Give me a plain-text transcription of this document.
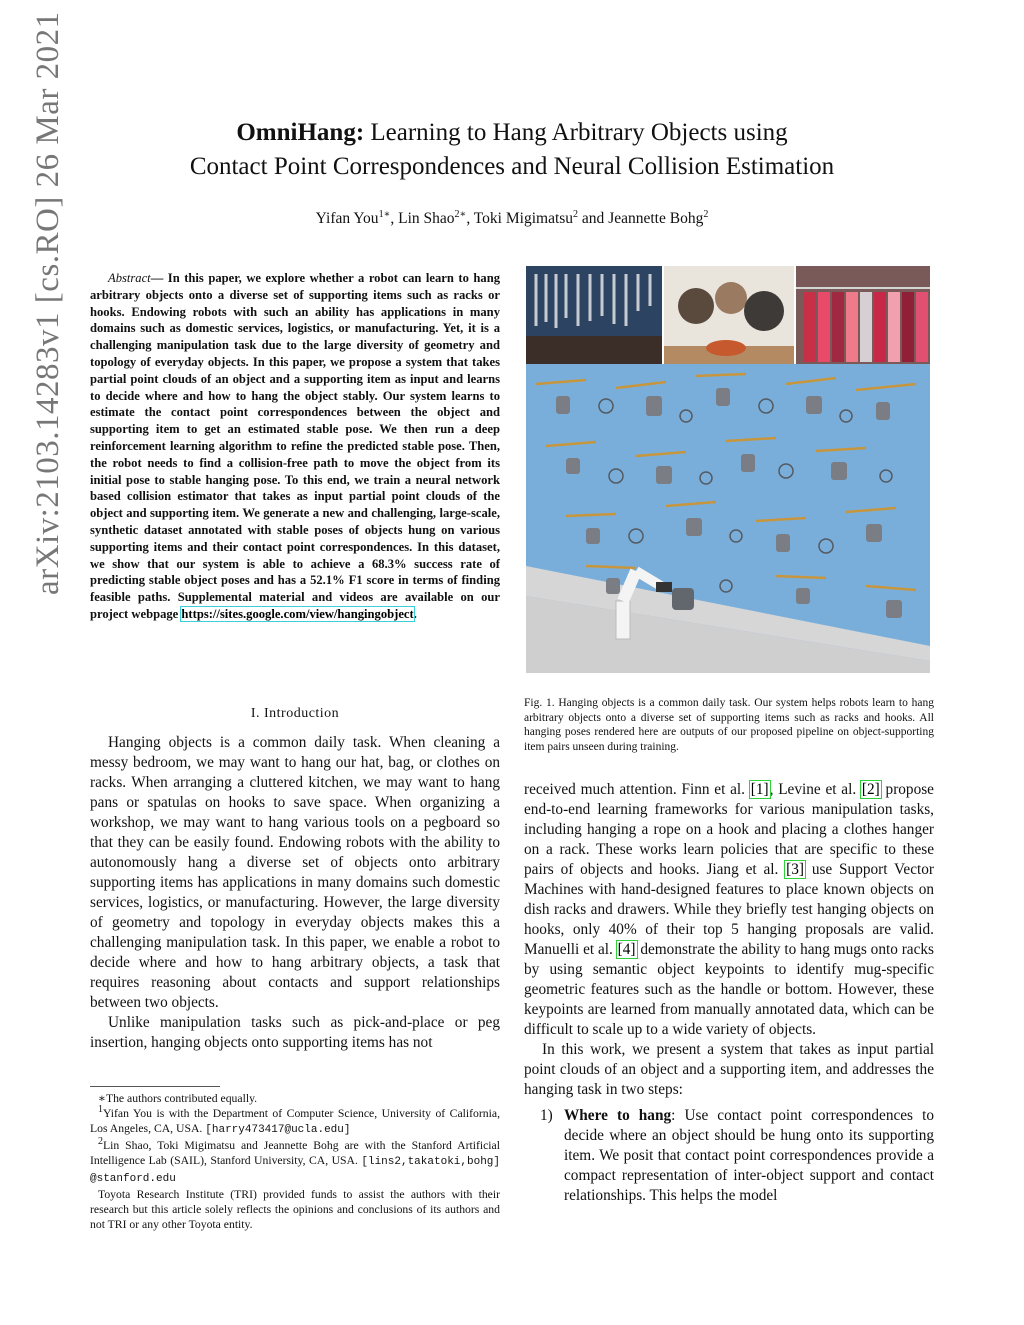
arXiv:2103.14283v1 [cs.RO] 26 Mar 2021	OmniHang: Learning to Hang Arbitrary Objects using
Contact Point Correspondences and Neural Collision Estimation
Yifan You$^{1∗}$, Lin Shao$^{2∗}$, Toki Migimatsu$^2$ and Jeannette Bohg$^2$
Abstract— In this paper, we explore whether a robot can learn to hang arbitrary objects onto a diverse set of supporting items such as racks or hooks. Endowing robots with such an ability has applications in many domains such as domestic services, logistics, or manufacturing. Yet, it is a challenging manipulation task due to the large diversity of geometry and topology of everyday objects. In this paper, we propose a system that takes partial point clouds of an object and a supporting item as input and learns to decide where and how to hang the object stably. Our system learns to estimate the contact point correspondences between the object and supporting item to get an estimated stable pose. We then run a deep reinforcement learning algorithm to refine the predicted stable pose. Then, the robot needs to find a collision-free path to move the object from its initial pose to stable hanging pose. To this end, we train a neural network based collision estimator that takes as input partial point clouds of the object and supporting item. We generate a new and challenging, large-scale, synthetic dataset annotated with stable poses of objects hung on various supporting items and their contact point correspondences. In this dataset, we show that our system is able to achieve a 68.3% success rate of predicting stable object poses and has a 52.1% F1 score in terms of finding feasible paths. Supplemental material and videos are available on our project webpage https://sites.google.com/view/hangingobject.
I. Introduction

Hanging objects is a common daily task. When cleaning a messy bedroom, we may want to hang our hat, bag, or clothes on racks. When arranging a cluttered kitchen, we may want to hang pans or spatulas on hooks to save space. When organizing a workshop, we may want to hang various tools on a pegboard so that they can be easily found. Endowing robots with the ability to autonomously hang a diverse set of objects onto arbitrary supporting items has applications in many domains such domestic services, logistics, or manufacturing. However, the large diversity of geometry and topology in everyday objects makes this a challenging manipulation task. In this paper, we enable a robot to decide where and how to hang arbitrary objects, a task that requires reasoning about contacts and support relationships between two objects.

Unlike manipulation tasks such as pick-and-place or peg insertion, hanging objects onto supporting items has not

∗The authors contributed equally.

$^1$Yifan You is with the Department of Computer Science, University of California, Los Angeles, CA, USA. [harry473417@ucla.edu]

$^2$Lin Shao, Toki Migimatsu and Jeannette Bohg are with the Stanford Artificial Intelligence Lab (SAIL), Stanford University, CA, USA. [lins2,takatoki,bohg] @stanford.edu

Toyota Research Institute (TRI) provided funds to assist the authors with their research but this article solely reflects the opinions and conclusions of its authors and not TRI or any other Toyota entity.

Fig. 1. Hanging objects is a common daily task. Our system helps robots learn to hang arbitrary objects onto a diverse set of supporting items such as racks and hooks. All hanging poses rendered here are outputs of our proposed pipeline on object-supporting item pairs unseen during training.

received much attention. Finn et al. [1], Levine et al. [2] propose end-to-end learning frameworks for various manipulation tasks, including hanging a rope on a hook and placing a clothes hanger on a rack. These works learn policies that are specific to these pairs of objects and hooks. Jiang et al. [3] use Support Vector Machines with hand-designed features to place known objects on dish racks and drawers. While they briefly test hanging objects on hooks, only 40% of their top 5 hanging proposals are valid. Manuelli et al. [4] demonstrate the ability to hang mugs onto racks by using semantic object keypoints to identify mug-specific geometric features such as the handle or bottom. However, these keypoints are learned from manually annotated data, which can be difficult to scale up to a wide variety of objects.

In this work, we present a system that takes as input partial point clouds of an object and a supporting item, and addresses the hanging task in two steps:

1) Where to hang: Use contact point correspondences to decide where an object should be hung onto its supporting item. We posit that contact point correspondences provide a compact representation of inter-object support and contact relationships. This helps the model
